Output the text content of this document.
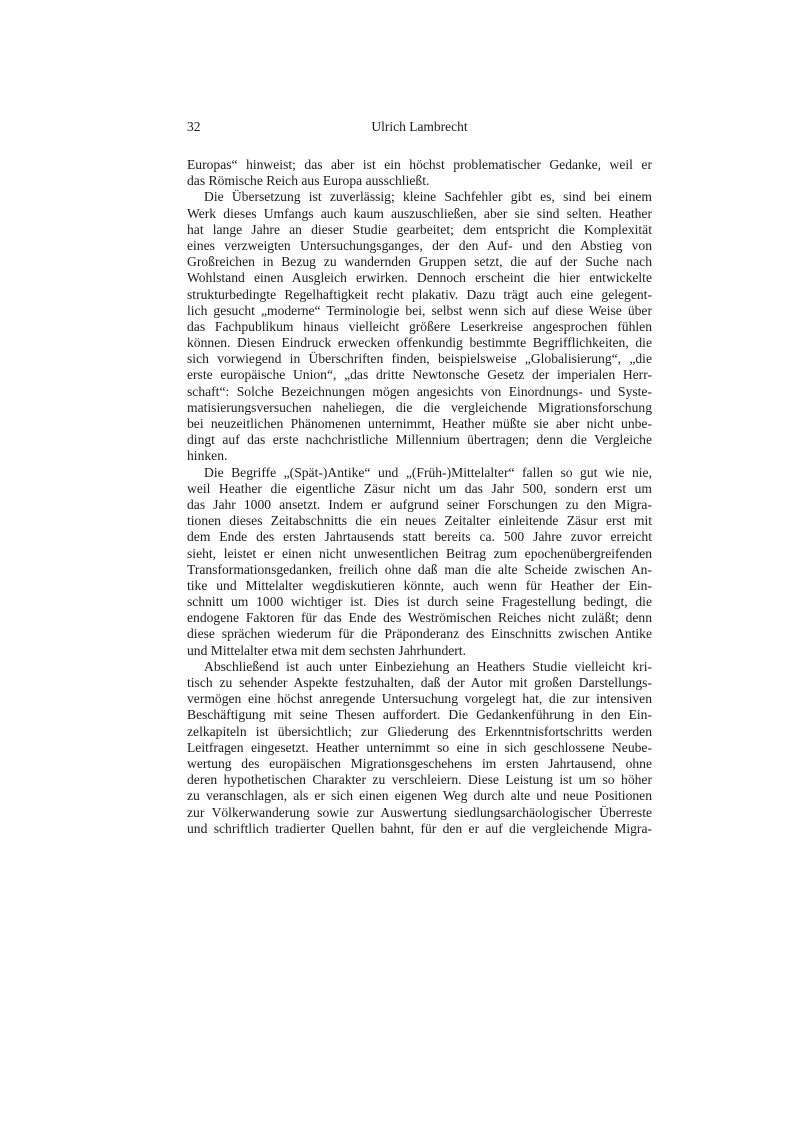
32	Ulrich Lambrecht
Europas“ hinweist; das aber ist ein höchst problematischer Gedanke, weil er
das Römische Reich aus Europa ausschließt.
Die Übersetzung ist zuverlässig; kleine Sachfehler gibt es, sind bei einem
Werk dieses Umfangs auch kaum auszuschließen, aber sie sind selten. Heather
hat lange Jahre an dieser Studie gearbeitet; dem entspricht die Komplexität
eines verzweigten Untersuchungsganges, der den Auf- und den Abstieg von
Großreichen in Bezug zu wandernden Gruppen setzt, die auf der Suche nach
Wohlstand einen Ausgleich erwirken. Dennoch erscheint die hier entwickelte
strukturbedingte Regelhaftigkeit recht plakativ. Dazu trägt auch eine gelegent-
lich gesucht „moderne“ Terminologie bei, selbst wenn sich auf diese Weise über
das Fachpublikum hinaus vielleicht größere Leserkreise angesprochen fühlen
können. Diesen Eindruck erwecken offenkundig bestimmte Begrifflichkeiten, die
sich vorwiegend in Überschriften finden, beispielsweise „Globalisierung“, „die
erste europäische Union“, „das dritte Newtonsche Gesetz der imperialen Herr-
schaft“: Solche Bezeichnungen mögen angesichts von Einordnungs- und Syste-
matisierungsversuchen naheliegen, die die vergleichende Migrationsforschung
bei neuzeitlichen Phänomenen unternimmt, Heather müßte sie aber nicht unbe-
dingt auf das erste nachchristliche Millennium übertragen; denn die Vergleiche
hinken.
Die Begriffe „(Spät-)Antike“ und „(Früh-)Mittelalter“ fallen so gut wie nie,
weil Heather die eigentliche Zäsur nicht um das Jahr 500, sondern erst um
das Jahr 1000 ansetzt. Indem er aufgrund seiner Forschungen zu den Migra-
tionen dieses Zeitabschnitts die ein neues Zeitalter einleitende Zäsur erst mit
dem Ende des ersten Jahrtausends statt bereits ca. 500 Jahre zuvor erreicht
sieht, leistet er einen nicht unwesentlichen Beitrag zum epochenübergreifenden
Transformationsgedanken, freilich ohne daß man die alte Scheide zwischen An-
tike und Mittelalter wegdiskutieren könnte, auch wenn für Heather der Ein-
schnitt um 1000 wichtiger ist. Dies ist durch seine Fragestellung bedingt, die
endogene Faktoren für das Ende des Weströmischen Reiches nicht zuläßt; denn
diese sprächen wiederum für die Präponderanz des Einschnitts zwischen Antike
und Mittelalter etwa mit dem sechsten Jahrhundert.
Abschließend ist auch unter Einbeziehung an Heathers Studie vielleicht kri-
tisch zu sehender Aspekte festzuhalten, daß der Autor mit großen Darstellungs-
vermögen eine höchst anregende Untersuchung vorgelegt hat, die zur intensiven
Beschäftigung mit seine Thesen auffordert. Die Gedankenführung in den Ein-
zelkapiteln ist übersichtlich; zur Gliederung des Erkenntnisfortschritts werden
Leitfragen eingesetzt. Heather unternimmt so eine in sich geschlossene Neube-
wertung des europäischen Migrationsgeschehens im ersten Jahrtausend, ohne
deren hypothetischen Charakter zu verschleiern. Diese Leistung ist um so höher
zu veranschlagen, als er sich einen eigenen Weg durch alte und neue Positionen
zur Völkerwanderung sowie zur Auswertung siedlungsarchäologischer Überreste
und schriftlich tradierter Quellen bahnt, für den er auf die vergleichende Migra-
